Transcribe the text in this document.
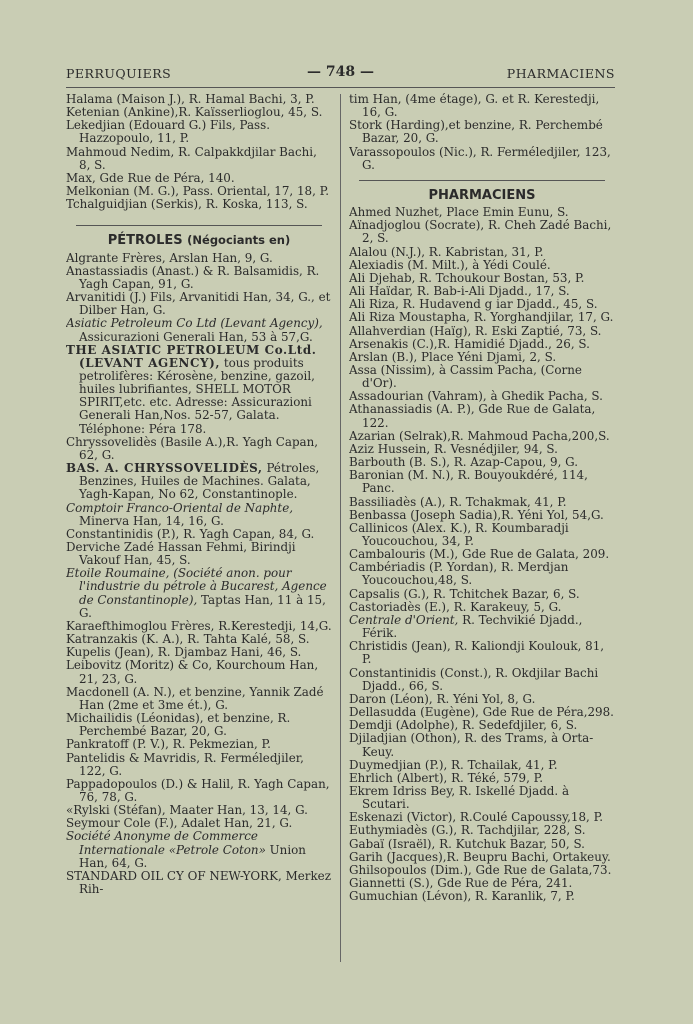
PERRUQUIERS	— 748 —	PHARMACIENS
Halama (Maison J.), R. Hamal Bachi, 3, P.
Ketenian (Ankine),R. Kaïsserlioglou, 45, S.
Lekedjian (Edouard G.) Fils, Pass. Hazzopoulo, 11, P.
Mahmoud Nedim, R. Calpakkdjilar Bachi, 8, S.
Max, Gde Rue de Péra, 140.
Melkonian (M. G.), Pass. Oriental, 17, 18, P.
Tchalguidjian (Serkis), R. Koska, 113, S.
PÉTROLES (Négociants en)
Algrante Frères, Arslan Han, 9, G.
Anastassiadis (Anast.) & R. Balsamidis, R. Yagh Capan, 91, G.
Arvanitidi (J.) Fils, Arvanitidi Han, 34, G., et Dilber Han, G.
Asiatic Petroleum Co Ltd (Levant Agency), Assicurazioni Generali Han, 53 à 57,G.
THE ASIATIC PETROLEUM Co.Ltd. (LEVANT AGENCY), tous produits petrolifères: Kérosène, benzine, gazoil, huiles lubrifiantes, SHELL MOTOR SPIRIT,etc. etc. Adresse: Assicurazioni Generali Han,Nos. 52-57, Galata. Téléphone: Péra 178.
Chryssovelidès (Basile A.),R. Yagh Capan, 62, G.
BAS. A. CHRYSSOVELIDÈS, Pétroles, Benzines, Huiles de Machines. Galata, Yagh-Kapan, No 62, Constantinople.
Comptoir Franco-Oriental de Naphte, Minerva Han, 14, 16, G.
Constantinidis (P.), R. Yagh Capan, 84, G.
Derviche Zadé Hassan Fehmi, Birindji Vakouf Han, 45, S.
Etoile Roumaine, (Société anon. pour l'industrie du pétrole à Bucarest, Agence de Constantinople), Taptas Han, 11 à 15, G.
Karaefthimoglou Frères, R.Kerestedji, 14,G.
Katranzakis (K. A.), R. Tahta Kalé, 58, S.
Kupelis (Jean), R. Djambaz Hani, 46, S.
Leibovitz (Moritz) & Co, Kourchoum Han, 21, 23, G.
Macdonell (A. N.), et benzine, Yannik Zadé Han (2me et 3me ét.), G.
Michailidis (Léonidas), et benzine, R. Perchembé Bazar, 20, G.
Pankratoff (P. V.), R. Pekmezian, P.
Pantelidis & Mavridis, R. Ferméledjiler, 122, G.
Pappadopoulos (D.) & Halil, R. Yagh Capan, 76, 78, G.
«Rylski (Stéfan), Maater Han, 13, 14, G.
Seymour Cole (F.), Adalet Han, 21, G.
Société Anonyme de Commerce Internationale «Petrole Coton» Union Han, 64, G.
STANDARD OIL CY OF NEW-YORK, Merkez Rih-
tim Han, (4me étage), G. et R. Kerestedji, 16, G.
Stork (Harding),et benzine, R. Perchembé Bazar, 20, G.
Varassopoulos (Nic.), R. Ferméledjiler, 123, G.
PHARMACIENS
Ahmed Nuzhet, Place Emin Eunu, S.
Aïnadjoglou (Socrate), R. Cheh Zadé Bachi, 2, S.
Alalou (N.J.), R. Kabristan, 31, P.
Alexiadis (M. Milt.), à Yédi Coulé.
Ali Djehab, R. Tchoukour Bostan, 53, P.
Ali Haïdar, R. Bab-i-Ali Djadd., 17, S.
Ali Riza, R. Hudavend g iar Djadd., 45, S.
Ali Riza Moustapha, R. Yorghandjilar, 17, G.
Allahverdian (Haïg), R. Eski Zaptié, 73, S.
Arsenakis (C.),R. Hamidié Djadd., 26, S.
Arslan (B.), Place Yéni Djami, 2, S.
Assa (Nissim), à Cassim Pacha, (Corne d'Or).
Assadourian (Vahram), à Ghedik Pacha, S.
Athanassiadis (A. P.), Gde Rue de Galata, 122.
Azarian (Selrak),R. Mahmoud Pacha,200,S.
Aziz Hussein, R. Vesnédjiler, 94, S.
Barbouth (B. S.), R. Azap-Capou, 9, G.
Baronian (M. N.), R. Bouyoukdéré, 114, Panc.
Bassiliadès (A.), R. Tchakmak, 41, P.
Benbassa (Joseph Sadia),R. Yéni Yol, 54,G.
Callinicos (Alex. K.), R. Koumbaradji Youcouchou, 34, P.
Cambalouris (M.), Gde Rue de Galata, 209.
Cambériadis (P. Yordan), R. Merdjan Youcouchou,48, S.
Capsalis (G.), R. Tchitchek Bazar, 6, S.
Castoriadès (E.), R. Karakeuy, 5, G.
Centrale d'Orient, R. Techvikié Djadd., Férik.
Christidis (Jean), R. Kaliondji Koulouk, 81, P.
Constantinidis (Const.), R. Okdjilar Bachi Djadd., 66, S.
Daron (Léon), R. Yéni Yol, 8, G.
Dellasudda (Eugène), Gde Rue de Péra,298.
Demdji (Adolphe), R. Sedefdjiler, 6, S.
Djiladjian (Othon), R. des Trams, à Orta-Keuy.
Duymedjian (P.), R. Tchailak, 41, P.
Ehrlich (Albert), R. Téké, 579, P.
Ekrem Idriss Bey, R. Iskellé Djadd. à Scutari.
Eskenazi (Victor), R.Coulé Capoussy,18, P.
Euthymiadès (G.), R. Tachdjilar, 228, S.
Gabaï (Israël), R. Kutchuk Bazar, 50, S.
Garih (Jacques),R. Beupru Bachi, Ortakeuy.
Ghilsopoulos (Dim.), Gde Rue de Galata,73.
Giannetti (S.), Gde Rue de Péra, 241.
Gumuchian (Lévon), R. Karanlik, 7, P.
